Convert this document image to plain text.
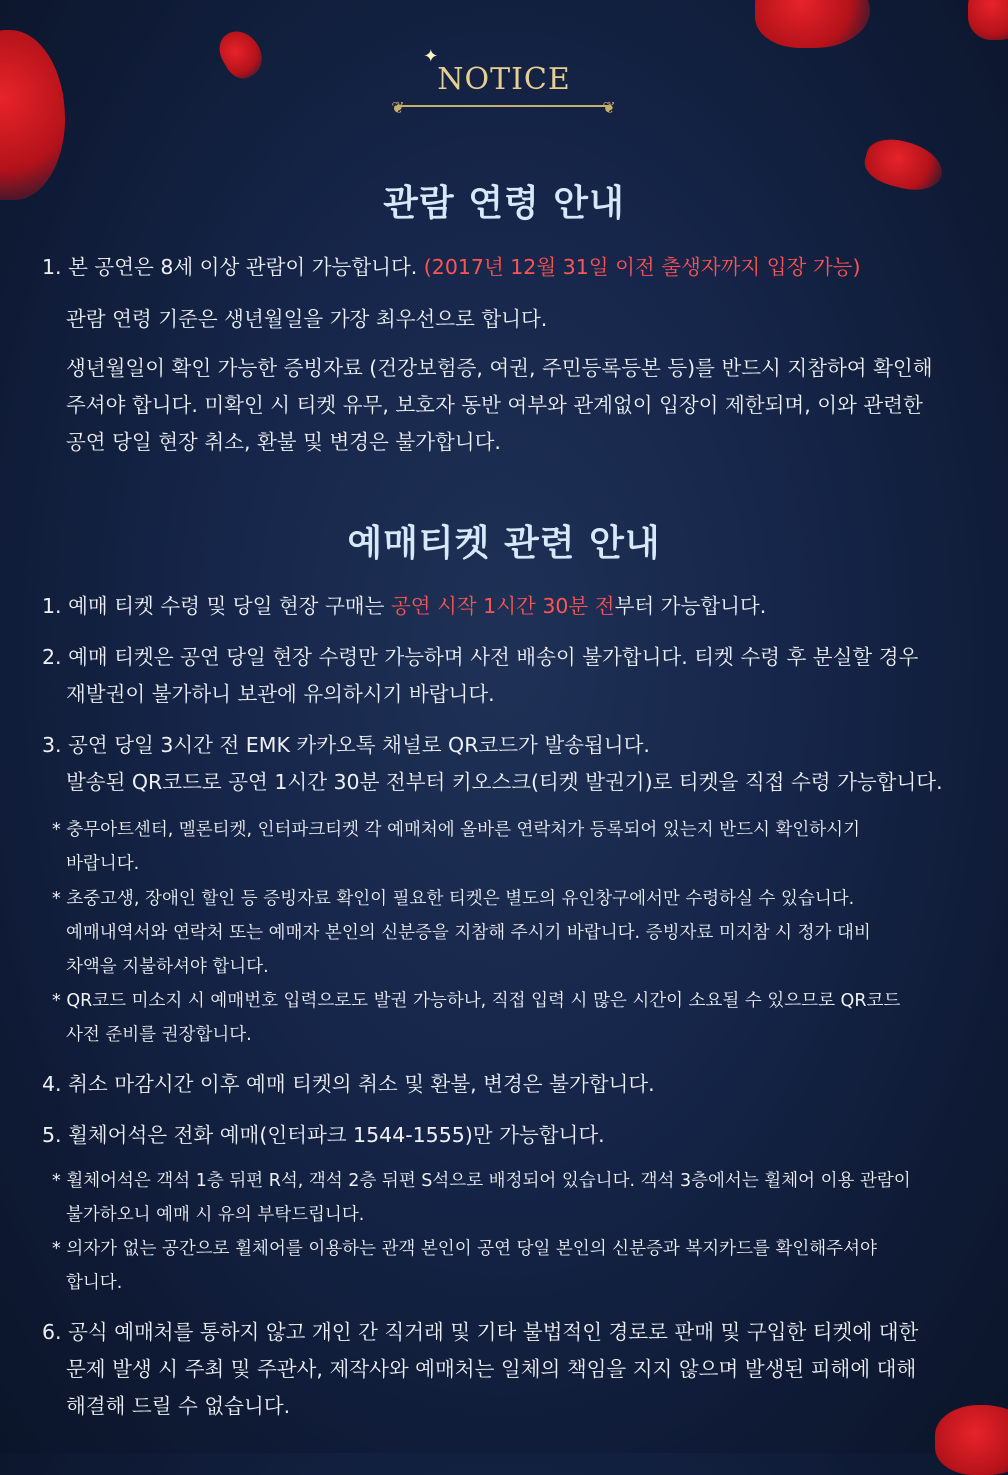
✦
NOTICE
❦	❦
관람 연령 안내

1. 본 공연은 8세 이상 관람이 가능합니다. (2017년 12월 31일 이전 출생자까지 입장 가능)

관람 연령 기준은 생년월일을 가장 최우선으로 합니다.

생년월일이 확인 가능한 증빙자료 (건강보험증, 여권, 주민등록등본 등)를 반드시 지참하여 확인해

주셔야 합니다. 미확인 시 티켓 유무, 보호자 동반 여부와 관계없이 입장이 제한되며, 이와 관련한

공연 당일 현장 취소, 환불 및 변경은 불가합니다.

예매티켓 관련 안내

1. 예매 티켓 수령 및 당일 현장 구매는 공연 시작 1시간 30분 전부터 가능합니다.

2. 예매 티켓은 공연 당일 현장 수령만 가능하며 사전 배송이 불가합니다. 티켓 수령 후 분실할 경우

재발권이 불가하니 보관에 유의하시기 바랍니다.

3. 공연 당일 3시간 전 EMK 카카오톡 채널로 QR코드가 발송됩니다.

발송된 QR코드로 공연 1시간 30분 전부터 키오스크(티켓 발권기)로 티켓을 직접 수령 가능합니다.

* 충무아트센터, 멜론티켓, 인터파크티켓 각 예매처에 올바른 연락처가 등록되어 있는지 반드시 확인하시기

바랍니다.

* 초중고생, 장애인 할인 등 증빙자료 확인이 필요한 티켓은 별도의 유인창구에서만 수령하실 수 있습니다.

예매내역서와 연락처 또는 예매자 본인의 신분증을 지참해 주시기 바랍니다. 증빙자료 미지참 시 정가 대비

차액을 지불하셔야 합니다.

* QR코드 미소지 시 예매번호 입력으로도 발권 가능하나, 직접 입력 시 많은 시간이 소요될 수 있으므로 QR코드

사전 준비를 권장합니다.

4. 취소 마감시간 이후 예매 티켓의 취소 및 환불, 변경은 불가합니다.

5. 휠체어석은 전화 예매(인터파크 1544-1555)만 가능합니다.

* 휠체어석은 객석 1층 뒤편 R석, 객석 2층 뒤편 S석으로 배정되어 있습니다. 객석 3층에서는 휠체어 이용 관람이

불가하오니 예매 시 유의 부탁드립니다.

* 의자가 없는 공간으로 휠체어를 이용하는 관객 본인이 공연 당일 본인의 신분증과 복지카드를 확인해주셔야

합니다.

6. 공식 예매처를 통하지 않고 개인 간 직거래 및 기타 불법적인 경로로 판매 및 구입한 티켓에 대한

문제 발생 시 주최 및 주관사, 제작사와 예매처는 일체의 책임을 지지 않으며 발생된 피해에 대해

해결해 드릴 수 없습니다.
